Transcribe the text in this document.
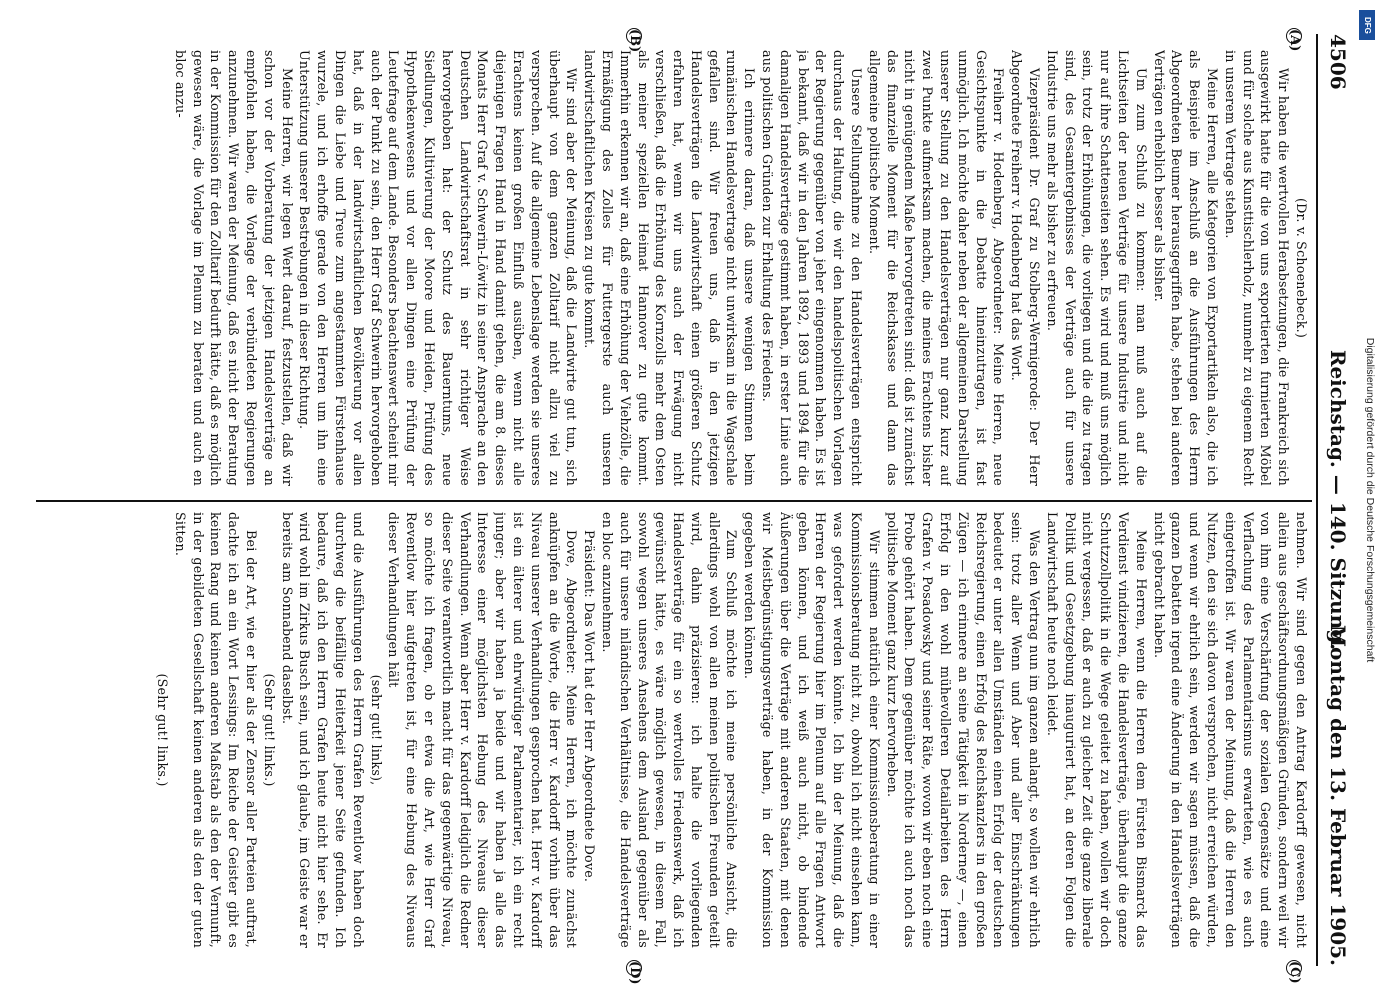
4506
Reichstag. — 140. Sitzung.
Montag den 13. Februar 1905.
(A)
(B)
(C)
(D)

(Dr. v. Schoenebeck.)

Wir haben die wertvollen Herabsetzungen, die Frankreich sich ausgewirkt hatte für die von uns exportierten furnierten Möbel und für solche aus Kunsttischlerholz, nunmehr zu eigenem Recht in unserem Vertrage stehen.

Meine Herren, alle Kategorien von Exportartikeln also, die ich als Beispiele im Anschluß an die Ausführungen des Herrn Abgeordneten Beumer herausgegriffen habe, stehen bei anderen Verträgen erheblich besser als bisher.

Um zum Schluß zu kommen: man muß auch auf die Lichtseiten der neuen Verträge für unsere Industrie und nicht nur auf ihre Schattenseiten sehen. Es wird und muß uns möglich sein, trotz der Erhöhungen, die vorliegen und die die zu tragen sind, des Gesamtergebnisses der Verträge auch für unsere Industrie uns mehr als bisher zu erfreuen.

Vizepräsident Dr. Graf zu Stolberg-Wernigerode: Der Herr Abgeordnete Freiherr v. Hodenberg hat das Wort.

Freiherr v. Hodenberg, Abgeordneter: Meine Herren, neue Gesichtspunkte in die Debatte hineinzutragen, ist fast unmöglich. Ich möchte daher neben der allgemeinen Darstellung unserer Stellung zu den Handelsverträgen nur ganz kurz auf zwei Punkte aufmerksam machen, die meines Erachtens bisher nicht in genügendem Maße hervorgetreten sind: daß ist zunächst das finanzielle Moment für die Reichskasse und dann das allgemeine politische Moment.

Unsere Stellungnahme zu den Handelsverträgen entspricht durchaus der Haltung, die wir den handelspolitischen Vorlagen der Regierung gegenüber von jeher eingenommen haben. Es ist ja bekannt, daß wir in den Jahren 1892, 1893 und 1894 für die damaligen Handelsverträge gestimmt haben, in erster Linie auch aus politischen Gründen zur Erhaltung des Friedens.

Ich erinnere daran, daß unsere wenigen Stimmen beim rumänischen Handelsvertrage nicht unwirksam in die Wagschale gefallen sind. Wir freuen uns, daß in den jetzigen Handelsverträgen die Landwirtschaft einen größeren Schutz erfahren hat, wenn wir uns auch der Erwägung nicht verschließen, daß die Erhöhung des Kornzolls mehr dem Osten als meiner speziellen Heimat Hannover zu gute kommt. Immerhin erkennen wir an, daß eine Erhöhung der Viehzölle, die Ermäßigung des Zolles für Futtergerste auch unseren landwirtschaftlichen Kreisen zu gute kommt.

Wir sind aber der Meinung, daß die Landwirte gut tun, sich überhaupt von dem ganzen Zolltarif nicht allzu viel zu versprechen. Auf die allgemeine Lebenslage werden sie unseres Erachtens keinen großen Einfluß ausüben, wenn nicht alle diejenigen Fragen Hand in Hand damit gehen, die am 8. dieses Monats Herr Graf v. Schwerin-Löwitz in seiner Ansprache an den Deutschen Landwirtschaftsrat in sehr richtiger Weise hervorgehoben hat: der Schutz des Bauerntums, neue Siedlungen, Kultivierung der Moore und Heiden, Prüfung des Hypothekenwesens und vor allen Dingen eine Prüfung der Leutefrage auf dem Lande. Besonders beachtenswert scheint mir auch der Punkt zu sein, den Herr Graf Schwerin hervorgehoben hat, daß in der landwirtschaftlichen Bevölkerung vor allen Dingen die Liebe und Treue zum angestammten Fürstenhause wurzele, und ich erhoffe gerade von den Herren um ihn eine Unterstützung unserer Bestrebungen in dieser Richtung.

Meine Herren, wir legen Wert darauf, festzustellen, daß wir schon vor der Vorberatung der jetzigen Handelsverträge an empfohlen haben, die Vorlage der verbündeten Regierungen anzunehmen. Wir waren der Meinung, daß es nicht der Beratung in der Kommission für den Zolltarif bedurft hätte, daß es möglich gewesen wäre, die Vorlage im Plenum zu beraten und auch en bloc anzu-

nehmen. Wir sind gegen den Antrag Kardorff gewesen, nicht allein aus geschäftsordnungsmäßigen Gründen, sondern weil wir von ihm eine Verschärfung der sozialen Gegensätze und eine Verflachung des Parlamentarismus erwarteten, wie es auch eingetroffen ist. Wir waren der Meinung, daß die Herren den Nutzen, den sie sich davon versprochen, nicht erreichen würden, und wenn wir ehrlich sein, werden wir sagen müssen, daß die ganzen Debatten irgend eine Änderung in den Handelsverträgen nicht gebracht haben.

Meine Herren, wenn die Herren dem Fürsten Bismarck das Verdienst vindizieren, die Handelsverträge, überhaupt die ganze Schutzzollpolitik in die Wege geleitet zu haben, wollen wir doch nicht vergessen, daß er auch zu gleicher Zeit die ganze liberale Politik und Gesetzgebung inauguriert hat, an deren Folgen die Landwirtschaft heute noch leidet.

Was den Vertrag nun im ganzen anlangt, so wollen wir ehrlich sein: trotz aller Wenn und Aber und aller Einschränkungen bedeutet er unter allen Umständen einen Erfolg der deutschen Reichsregierung, einen Erfolg des Reichskanzlers in den großen Zügen — ich erinnere an seine Tätigkeit in Norderney —, einen Erfolg in den wohl mühevolleren Detailarbeiten des Herrn Grafen v. Posadowsky und seiner Räte, wovon wir eben noch eine Probe gehört haben. Dem gegenüber möchte ich auch noch das politische Moment ganz kurz hervorheben.

Wir stimmen natürlich einer Kommissionsberatung in einer Kommissionsberatung nicht zu, obwohl ich nicht einsehen kann, was gefordert werden könnte. Ich bin der Meinung, daß die Herren der Regierung hier im Plenum auf alle Fragen Antwort geben können, und ich weiß auch nicht, ob bindende Äußerungen über die Verträge mit anderen Staaten, mit denen wir Meistbegünstigungsverträge haben, in der Kommission gegeben werden können.

Zum Schluß möchte ich meine persönliche Ansicht, die allerdings wohl von allen meinen politischen Freunden geteilt wird, dahin präzisieren: ich halte die vorliegenden Handelsverträge für ein so wertvolles Friedenswerk, daß ich gewünscht hätte, es wäre möglich gewesen, in diesem Fall, sowohl wegen unseres Ansehens dem Ausland gegenüber als auch für unsere inländischen Verhältnisse, die Handelsverträge en bloc anzunehmen.

Präsident: Das Wort hat der Herr Abgeordnete Dove.

Dove, Abgeordneter: Meine Herren, ich möchte zunächst anknüpfen an die Worte, die Herr v. Kardorff vorhin über das Niveau unserer Verhandlungen gesprochen hat. Herr v. Kardorff ist ein älterer und ehrwürdiger Parlamentarier, ich ein recht junger; aber wir haben ja beide und wir haben ja alle das Interesse einer möglichsten Hebung des Niveaus dieser Verhandlungen. Wenn aber Herr v. Kardorff lediglich die Redner dieser Seite verantwortlich macht für das gegenwärtige Niveau, so möchte ich fragen, ob er etwa die Art, wie Herr Graf Reventlow hier aufgetreten ist, für eine Hebung des Niveaus dieser Verhandlungen hält

(sehr gut! links),

und die Ausführungen des Herrn Grafen Reventlow haben doch durchweg die beifällige Heiterkeit jener Seite gefunden. Ich bedaure, daß ich den Herrn Grafen heute nicht hier sehe. Er wird wohl im Zirkus Busch sein, und ich glaube, im Geiste war er bereits am Sonnabend daselbst.

(Sehr gut! links.)

Bei der Art, wie er hier als der Zensor aller Parteien auftrat, dachte ich an ein Wort Lessings: Im Reiche der Geister gibt es keinen Rang und keinen anderen Maßstab als den der Vernunft, in der gebildeten Gesellschaft keinen anderen als den der guten Sitten.

(Sehr gut! links.)

DFG
Digitalisierung gefördert durch die Deutsche Forschungsgemeinschaft
